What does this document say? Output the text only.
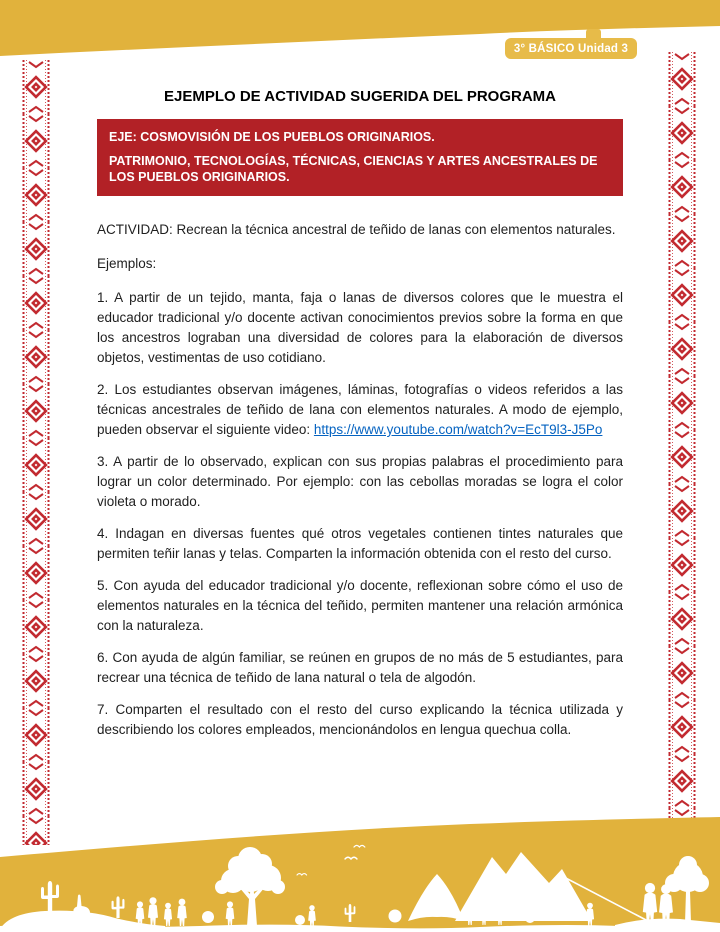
3° BÁSICO Unidad 3
EJEMPLO DE ACTIVIDAD SUGERIDA DEL PROGRAMA

EJE: COSMOVISIÓN DE LOS PUEBLOS ORIGINARIOS.

PATRIMONIO, TECNOLOGÍAS, TÉCNICAS, CIENCIAS Y ARTES ANCESTRALES DE LOS PUEBLOS ORIGINARIOS.

ACTIVIDAD: Recrean la técnica ancestral de teñido de lanas con elementos naturales.

Ejemplos:

1. A partir de un tejido, manta, faja o lanas de diversos colores que le muestra el educador tradicional y/o docente activan conocimientos previos sobre la forma en que los ancestros lograban una diversidad de colores para la elaboración de diversos objetos, vestimentas de uso cotidiano.

2. Los estudiantes observan imágenes, láminas, fotografías o videos referidos a las técnicas ancestrales de teñido de lana con elementos naturales. A modo de ejemplo, pueden observar el siguiente video: https://www.youtube.com/watch?v=EcT9l3-J5Po

3. A partir de lo observado, explican con sus propias palabras el procedimiento para lograr un color determinado. Por ejemplo: con las cebollas moradas se logra el color violeta o morado.

4. Indagan en diversas fuentes qué otros vegetales contienen tintes naturales que permiten teñir lanas y telas. Comparten la información obtenida con el resto del curso.

5. Con ayuda del educador tradicional y/o docente, reflexionan sobre cómo el uso de elementos naturales en la técnica del teñido, permiten mantener una relación armónica con la naturaleza.

6. Con ayuda de algún familiar, se reúnen en grupos de no más de 5 estudiantes, para recrear una técnica de teñido de lana natural o tela de algodón.

7. Comparten el resultado con el resto del curso explicando la técnica utilizada y describiendo los colores empleados, mencionándolos en lengua quechua colla.
